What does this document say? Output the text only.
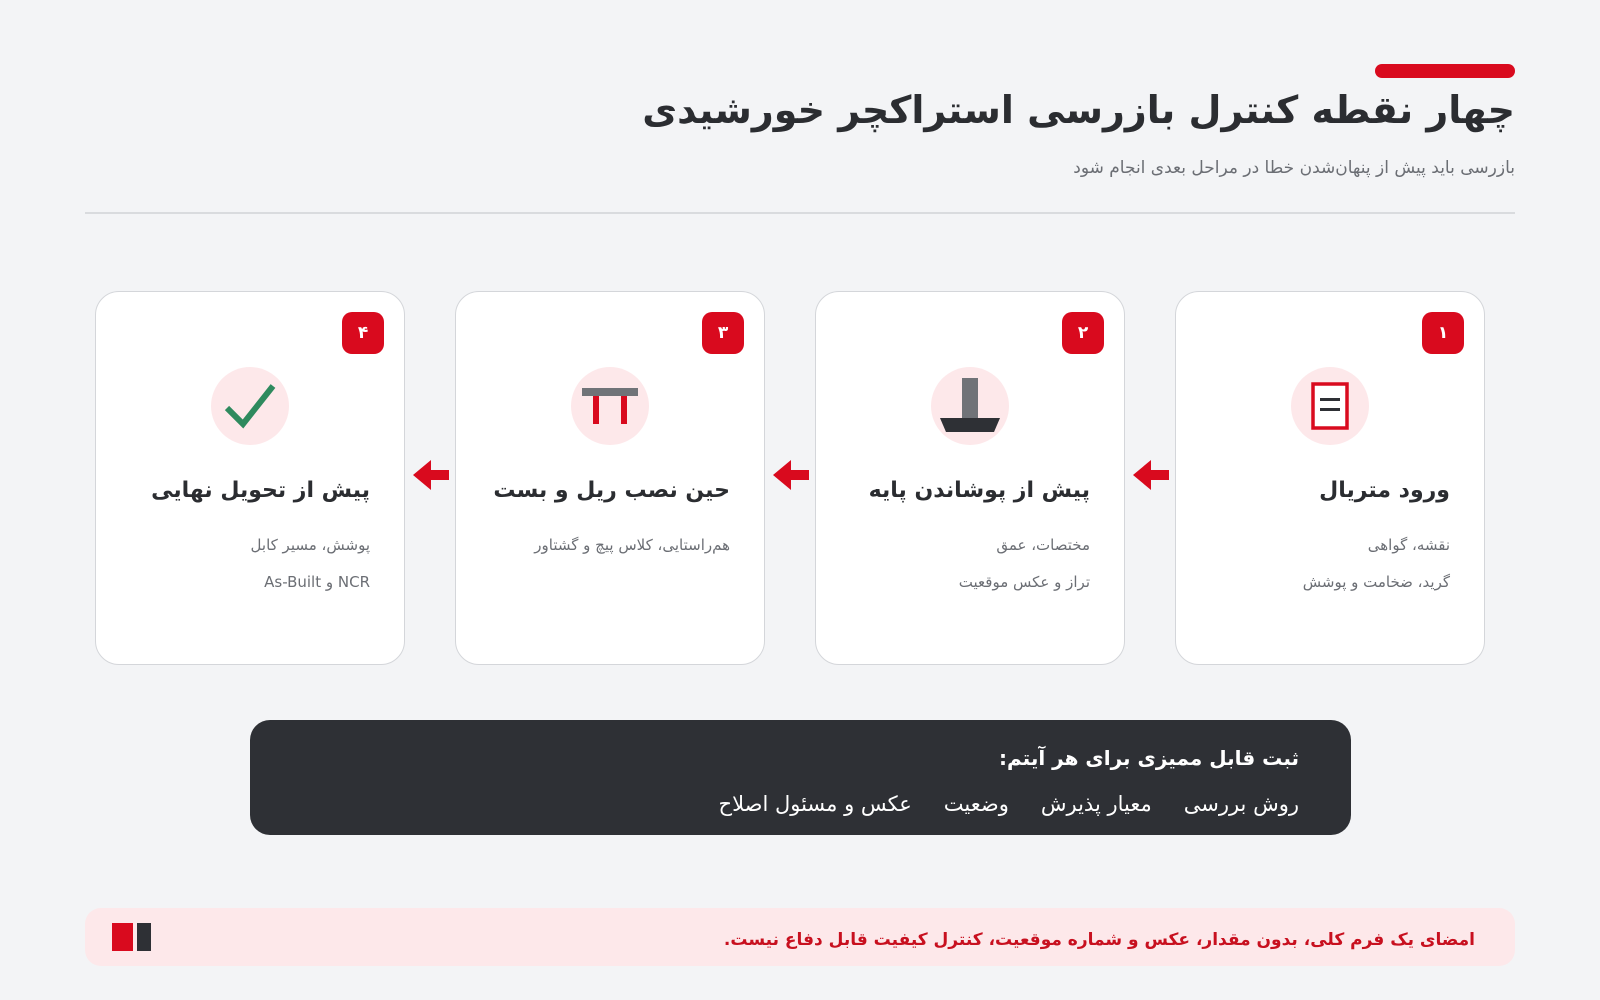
چهار نقطه کنترل بازرسی استراکچر خورشیدی

بازرسی باید پیش از پنهان‌شدن خطا در مراحل بعدی انجام شود

۱
ورود متریال
نقشه، گواهی
گرید، ضخامت و پوشش
۲
پیش از پوشاندن پایه
مختصات، عمق
تراز و عکس موقعیت
۳
حین نصب ریل و بست
هم‌راستایی، کلاس پیچ و گشتاور
۴
پیش از تحویل نهایی
پوشش، مسیر کابل
NCR و As-Built
ثبت قابل ممیزی برای هر آیتم:
روش بررسی
معیار پذیرش
وضعیت
عکس و مسئول اصلاح
امضای یک فرم کلی، بدون مقدار، عکس و شماره موقعیت، کنترل کیفیت قابل دفاع نیست.
